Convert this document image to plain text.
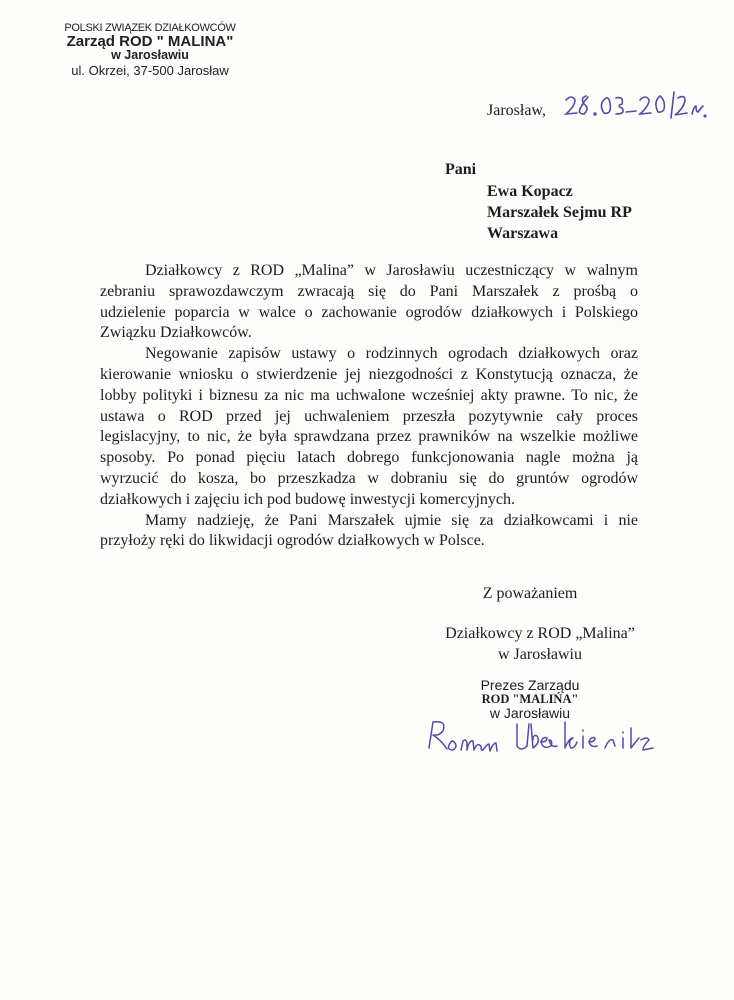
POLSKI ZWIĄZEK DZIAŁKOWCÓW
Zarząd ROD " MALINA"
w Jarosławiu
ul. Okrzei, 37-500 Jarosław
Jarosław,
Pani
Ewa Kopacz
Marszałek Sejmu RP
Warszawa
Działkowcy z ROD „Malina” w Jarosławiu uczestniczący w walnym
zebraniu sprawozdawczym zwracają się do Pani Marszałek z prośbą o
udzielenie poparcia w walce o zachowanie ogrodów działkowych i Polskiego
Związku Działkowców.
Negowanie zapisów ustawy o rodzinnych ogrodach działkowych oraz
kierowanie wniosku o stwierdzenie jej niezgodności z Konstytucją oznacza, że
lobby polityki i biznesu za nic ma uchwalone wcześniej akty prawne. To nic, że
ustawa o ROD przed jej uchwaleniem przeszła pozytywnie cały proces
legislacyjny, to nic, że była sprawdzana przez prawników na wszelkie możliwe
sposoby. Po ponad pięciu latach dobrego funkcjonowania nagle można ją
wyrzucić do kosza, bo przeszkadza w dobraniu się do gruntów ogrodów
działkowych i zajęciu ich pod budowę inwestycji komercyjnych.
Mamy nadzieję, że Pani Marszałek ujmie się za działkowcami i nie
przyłoży ręki do likwidacji ogrodów działkowych w Polsce.
Z poważaniem
Działkowcy z ROD „Malina”
w Jarosławiu
Prezes Zarządu
ROD "MALIŃA"
w Jarosławiu
